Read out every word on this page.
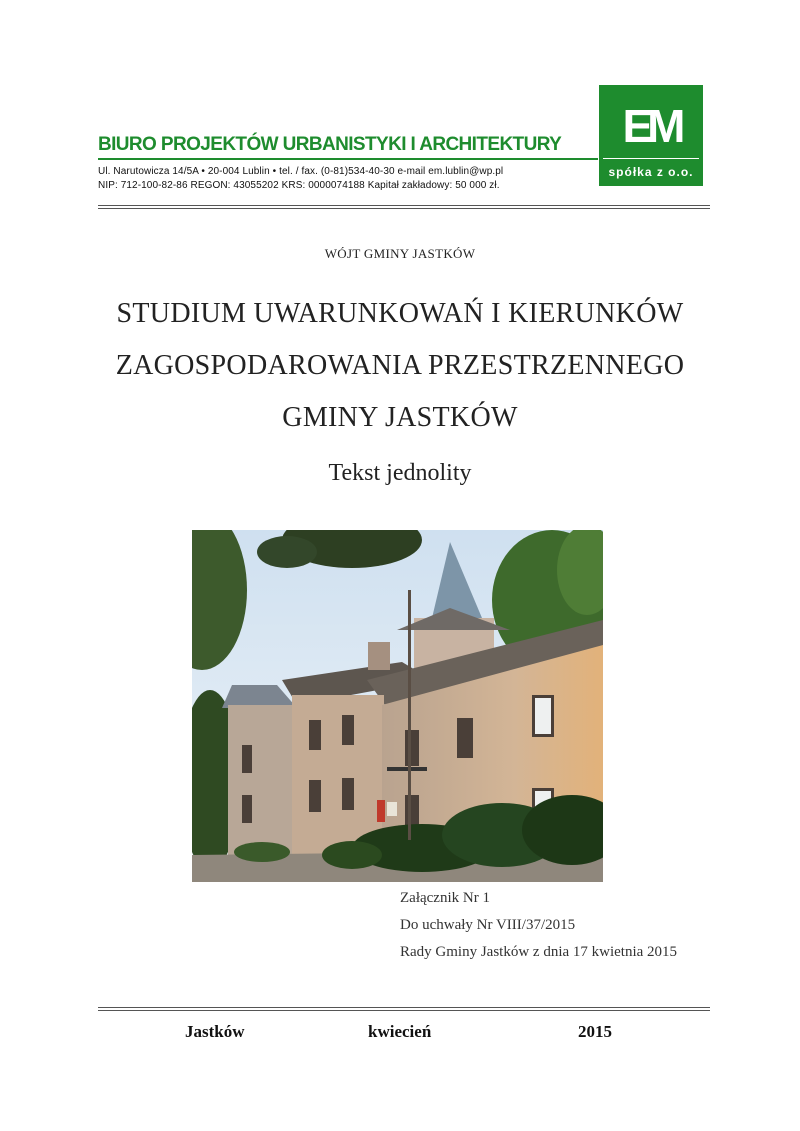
BIURO PROJEKTÓW URBANISTYKI I ARCHITEKTURY
Ul. Narutowicza 14/5A • 20-004 Lublin • tel. / fax. (0-81)534-40-30 e-mail em.lublin@wp.pl
NIP: 712-100-82-86 REGON: 43055202 KRS: 0000074188 Kapitał zakładowy: 50 000 zł.
EM
spółka z o.o.
WÓJT GMINY JASTKÓW
STUDIUM UWARUNKOWAŃ I KIERUNKÓW
ZAGOSPODAROWANIA PRZESTRZENNEGO
GMINY JASTKÓW
Tekst jednolity
Załącznik Nr 1
Do uchwały Nr VIII/37/2015
Rady Gminy Jastków z dnia 17 kwietnia 2015
Jastków	kwiecień	2015
